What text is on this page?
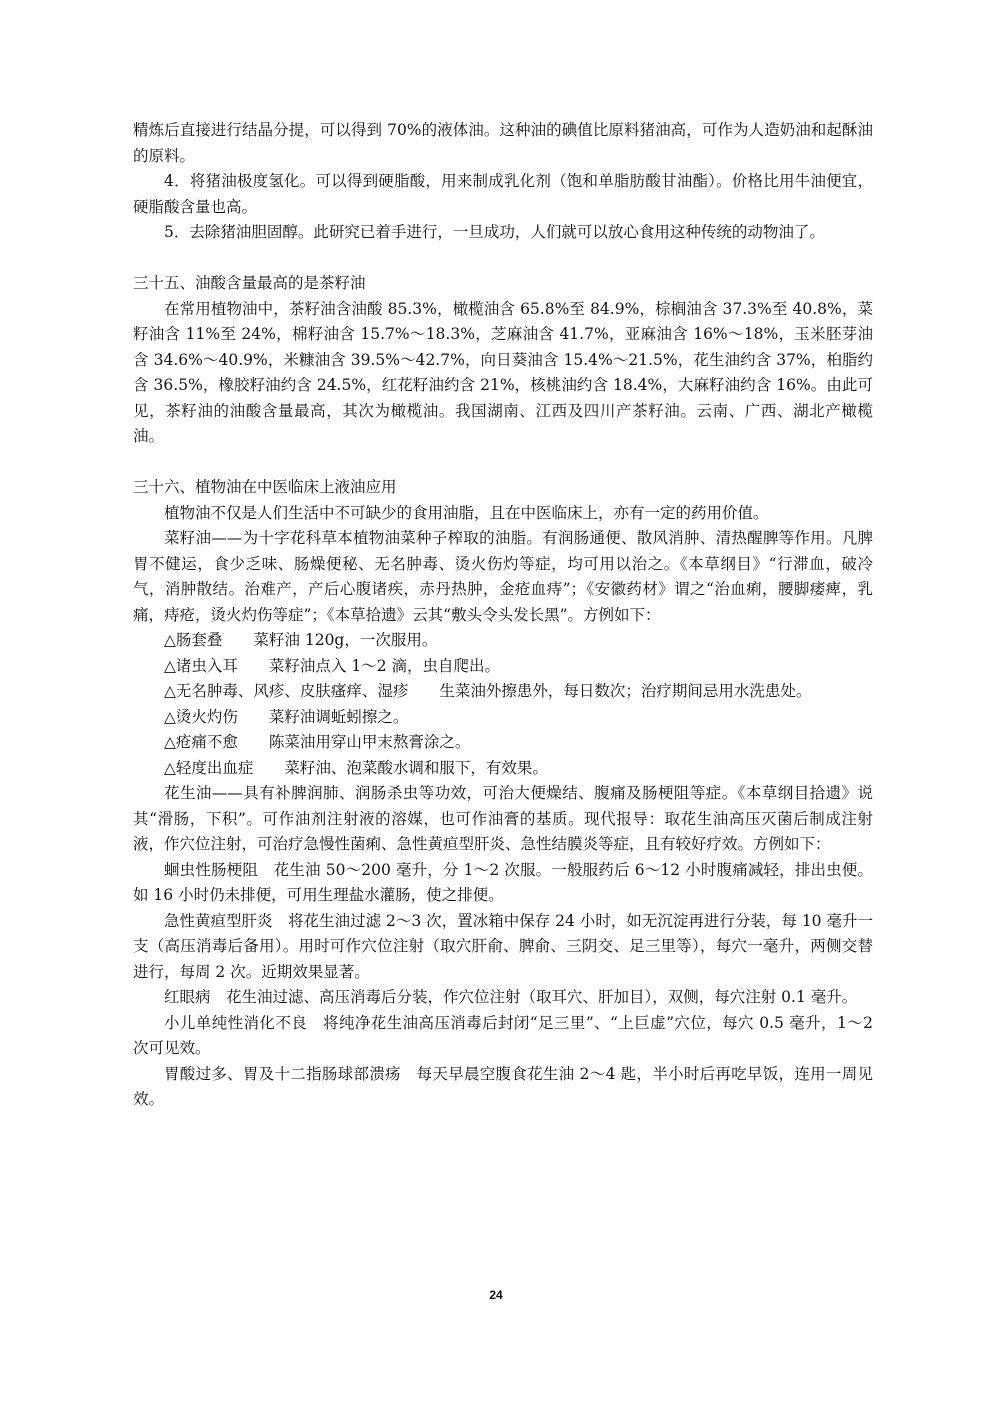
精炼后直接进行结晶分提，可以得到 70%的液体油。这种油的碘值比原料猪油高，可作为人造奶油和起酥油的原料。

4．将猪油极度氢化。可以得到硬脂酸，用来制成乳化剂（饱和单脂肪酸甘油酯）。价格比用牛油便宜，硬脂酸含量也高。

5．去除猪油胆固醇。此研究已着手进行，一旦成功，人们就可以放心食用这种传统的动物油了。

三十五、油酸含量最高的是茶籽油

在常用植物油中，茶籽油含油酸 85.3%，橄榄油含 65.8%至 84.9%，棕榈油含 37.3%至 40.8%，菜籽油含 11%至 24%，棉籽油含 15.7%～18.3%，芝麻油含 41.7%，亚麻油含 16%～18%，玉米胚芽油含 34.6%～40.9%，米糠油含 39.5%～42.7%，向日葵油含 15.4%～21.5%，花生油约含 37%，桕脂约含 36.5%，橡胶籽油约含 24.5%，红花籽油约含 21%，核桃油约含 18.4%，大麻籽油约含 16%。由此可见，茶籽油的油酸含量最高，其次为橄榄油。我国湖南、江西及四川产茶籽油。云南、广西、湖北产橄榄油。

三十六、植物油在中医临床上液油应用

植物油不仅是人们生活中不可缺少的食用油脂，且在中医临床上，亦有一定的药用价值。

菜籽油——为十字花科草本植物油菜种子榨取的油脂。有润肠通便、散风消肿、清热醒脾等作用。凡脾胃不健运，食少乏味、肠燥便秘、无名肿毒、烫火伤灼等症，均可用以治之。《本草纲目》“行滞血，破冷气，消肿散结。治难产，产后心腹诸疾，赤丹热肿，金疮血痔”；《安徽药材》谓之“治血痢，腰脚痿痺，乳痛，痔疮，烫火灼伤等症”；《本草拾遗》云其“敷头令头发长黑”。方例如下：

△肠套叠　　菜籽油 120g，一次服用。

△诸虫入耳　　菜籽油点入 1～2 滴，虫自爬出。

△无名肿毒、风疹、皮肤瘙痒、湿疹　　生菜油外擦患外，每日数次；治疗期间忌用水洗患处。

△烫火灼伤　　菜籽油调蚯蚓擦之。

△疮痛不愈　　陈菜油用穿山甲末熬膏涂之。

△轻度出血症　　菜籽油、泡菜酸水调和服下，有效果。

花生油——具有补脾润肺、润肠杀虫等功效，可治大便燥结、腹痛及肠梗阻等症。《本草纲目拾遗》说其“滑肠，下积”。可作油剂注射液的溶媒，也可作油膏的基质。现代报导：取花生油高压灭菌后制成注射液，作穴位注射，可治疗急慢性菌痢、急性黄疸型肝炎、急性结膜炎等症，且有较好疗效。方例如下：

蛔虫性肠梗阻　花生油 50～200 毫升，分 1～2 次服。一般服药后 6～12 小时腹痛减轻，排出虫便。如 16 小时仍未排便，可用生理盐水灌肠，使之排便。

急性黄疸型肝炎　将花生油过滤 2～3 次，置冰箱中保存 24 小时，如无沉淀再进行分装，每 10 毫升一支（高压消毒后备用）。用时可作穴位注射（取穴肝俞、脾俞、三阴交、足三里等），每穴一毫升，两侧交替进行，每周 2 次。近期效果显著。

红眼病　花生油过滤、高压消毒后分装，作穴位注射（取耳穴、肝加目），双侧，每穴注射 0.1 毫升。

小儿单纯性消化不良　将纯净花生油高压消毒后封闭“足三里”、“上巨虚”穴位，每穴 0.5 毫升，1～2 次可见效。

胃酸过多、胃及十二指肠球部溃疡　每天早晨空腹食花生油 2～4 匙，半小时后再吃早饭，连用一周见效。

24
